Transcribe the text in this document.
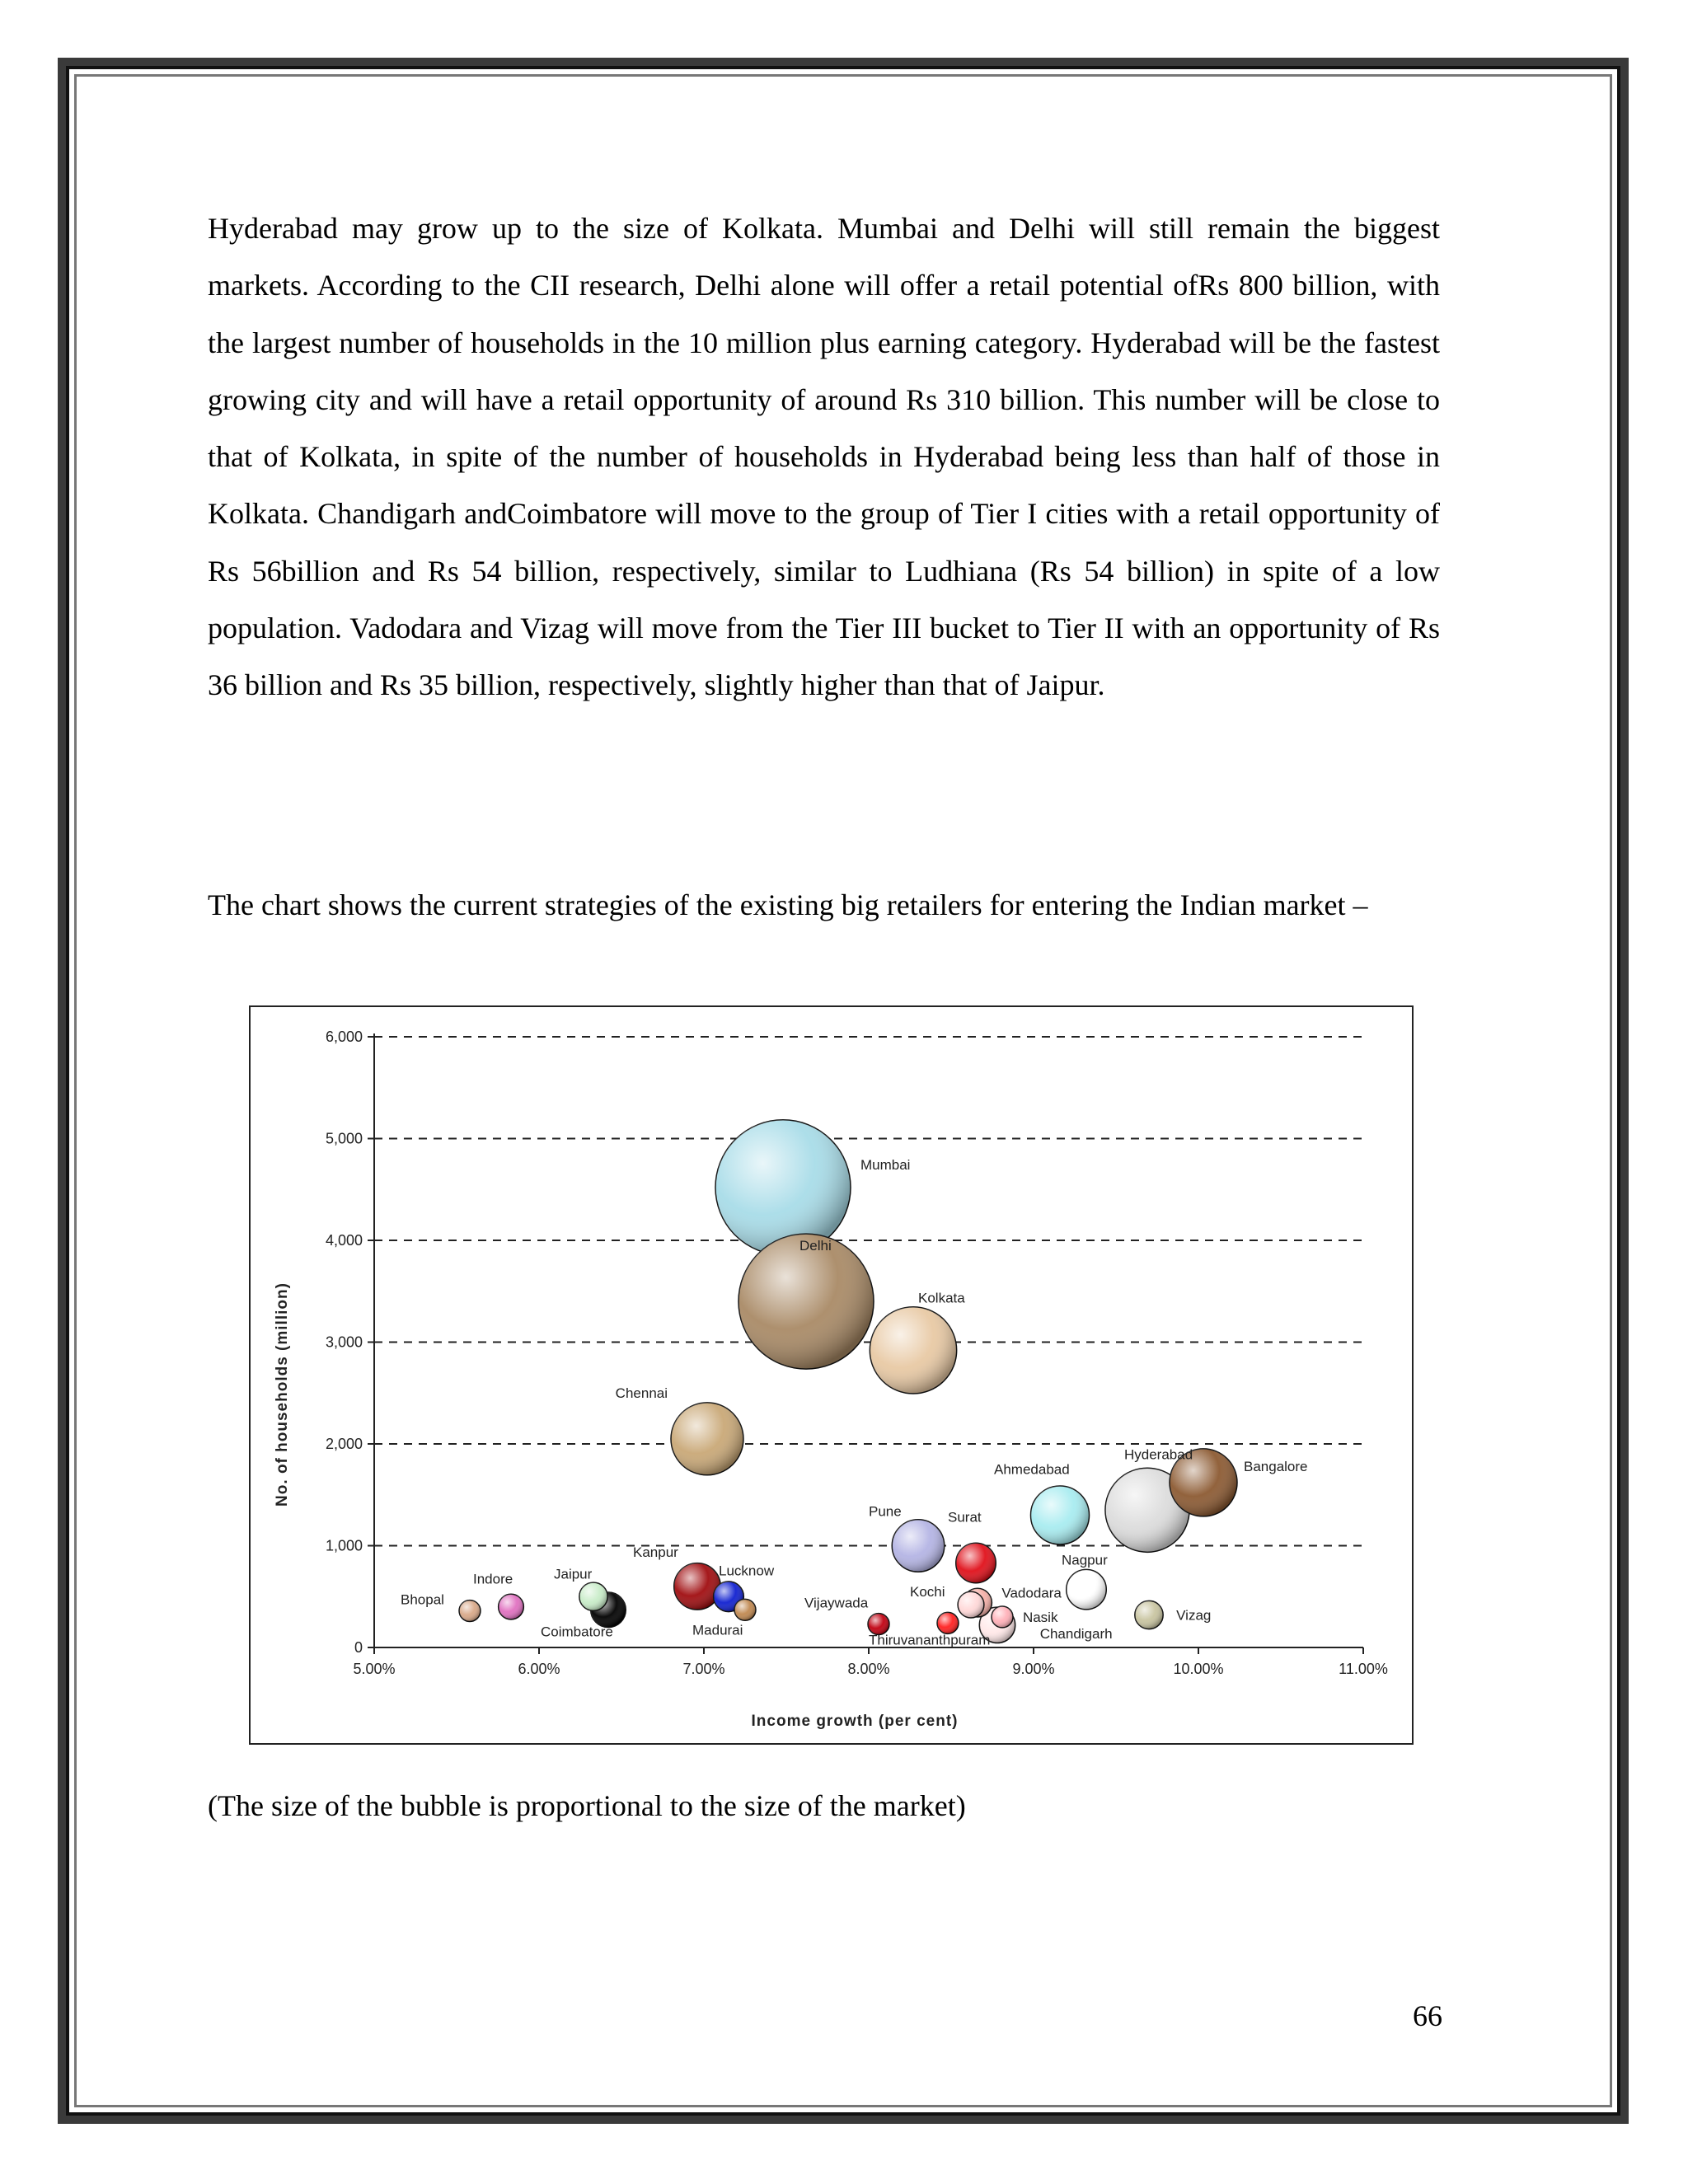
Hyderabad may grow up to the size of Kolkata. Mumbai and Delhi will still remain the biggest markets. According to the CII research, Delhi alone will offer a retail potential ofRs 800 billion, with the largest number of households in the 10 million plus earning category. Hyderabad will be the fastest growing city and will have a retail opportunity of around Rs 310 billion. This number will be close to that of Kolkata, in spite of the number of households in Hyderabad being less than half of those in Kolkata. Chandigarh andCoimbatore will move to the group of Tier I cities with a retail opportunity of Rs 56billion and Rs 54 billion, respectively, similar to Ludhiana (Rs 54 billion) in spite of a low population. Vadodara and Vizag will move from the Tier III bucket to Tier II with an opportunity of Rs 36 billion and Rs 35 billion, respectively, slightly higher than that of Jaipur.

The chart shows the current strategies of the existing big retailers for entering the Indian market –

0
1,000
2,000
3,000
4,000
5,000
6,000
5.00%	6.00%	7.00%	8.00%	9.00%	10.00%	11.00%
Mumbai
Delhi
Kolkata
Chennai
Bangalore
Hyderabad
Ahmedabad
Pune	Surat
Nagpur
Kanpur
Lucknow
Madurai
Jaipur
Coimbatore
Indore
Bhopal	Vijaywada
Thiruvananthpuram
Kochi	Vadodara
Nasik
Chandigarh
Vizag
Income growth (per cent)
No. of households (million)
(The size of the bubble is proportional to the size of the market)
66
